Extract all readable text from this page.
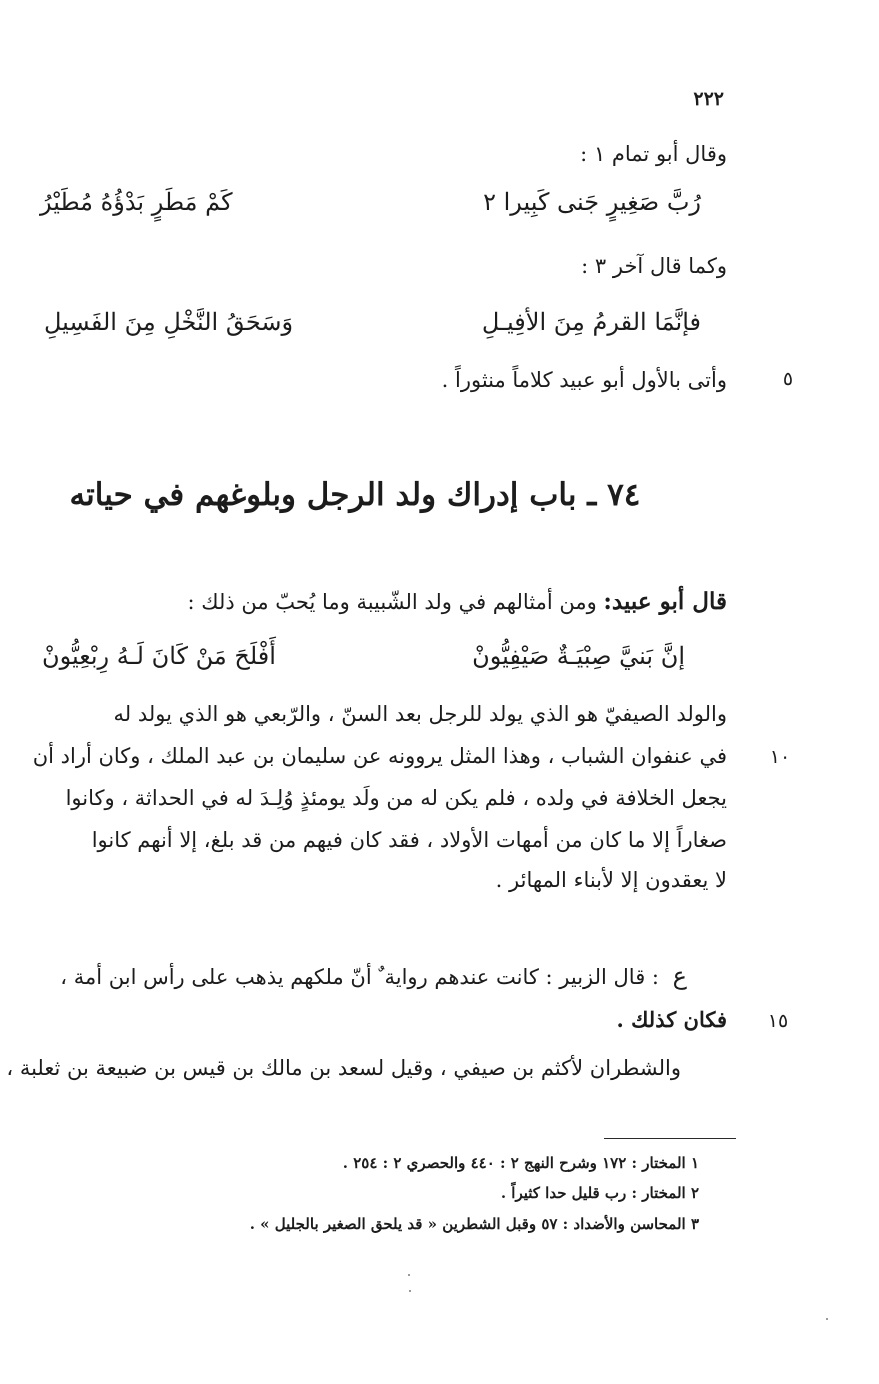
٢٢٢
وقال أبو تمام ١ :
رُبَّ صَغِيرٍ جَنى كَبِيرا ٢
كَمْ مَطَرٍ بَدْؤُهُ مُطَيْرُ
وكما قال آخر ٣ :
فإنَّمَا القرمُ مِنَ الأفِيـلِ
وَسَحَقُ النَّخْلِ مِنَ الفَسِيلِ
وأتى بالأول أبو عبيد كلاماً منثوراً .	٥
٧٤ ـ باب إدراك ولد الرجل وبلوغهم في حياته
قال أبو عبيد: ومن أمثالهم في ولد الشّبيبة وما يُحبّ من ذلك :
إنَّ بَنيَّ صِبْيَـةٌ صَيْفِيُّونْ
أَفْلَحَ مَنْ كَانَ لَـهُ رِبْعِيُّونْ
والولد الصيفيّ هو الذي يولد للرجل بعد السنّ ، والرّبعي هو الذي يولد له
في عنفوان الشباب ، وهذا المثل يروونه عن سليمان بن عبد الملك ، وكان أراد أن
يجعل الخلافة في ولده ، فلم يكن له من ولَد يومئذٍ وُلِـدَ له في الحداثة ، وكانوا
صغاراً إلا ما كان من أمهات الأولاد ، فقد كان فيهم من قد بلغ، إلا أنهم كانوا
لا يعقدون إلا لأبناء المهائر .
١٠
ع
: قال الزبير : كانت عندهم رواية ٌ أنّ ملكهم يذهب على رأس ابن أمة ،
فكان كذلك .	١٥
والشطران لأكثم بن صيفي ، وقيل لسعد بن مالك بن قيس بن ضبيعة بن ثعلبة ،
١ المختار : ١٧٢ وشرح النهج ٢ : ٤٤٠ والحصري ٢ : ٢٥٤ .
٢ المختار : رب قليل حدا كثيراً .
٣ المحاسن والأضداد : ٥٧ وقبل الشطرين « قد يلحق الصغير بالجليل » .
